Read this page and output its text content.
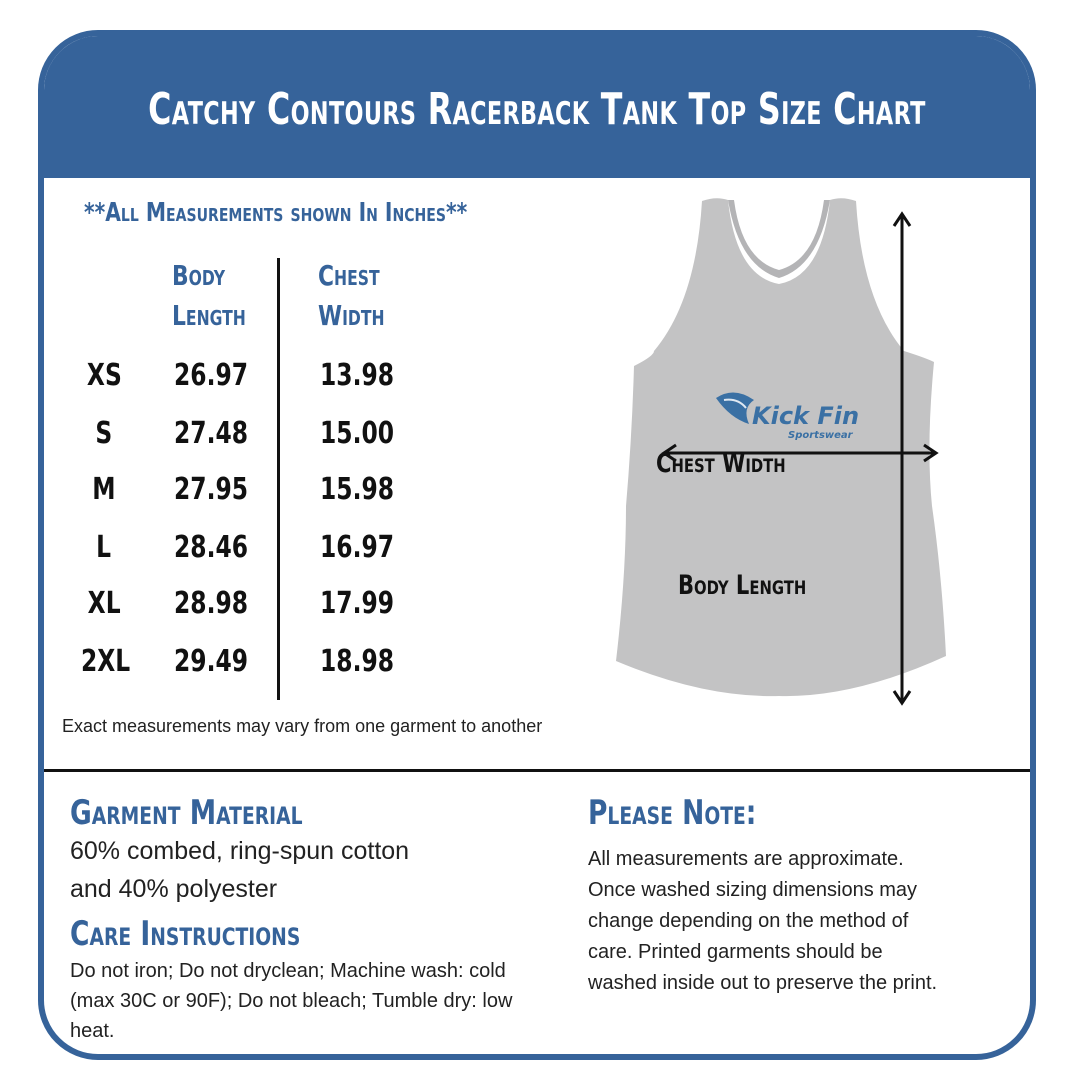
Catchy Contours Racerback Tank Top Size Chart
**All Measurements shown In Inches**
Body
Length
Chest
Width
XS	26.97	13.98
S	27.48	15.00
M	27.95	15.98
L	28.46	16.97
XL	28.98	17.99
2XL 29.49	18.98
Kick Fin
Sportswear
Chest Width
Body Length
Exact measurements may vary from one garment to another
Garment Material
60% combed, ring-spun cotton
and 40% polyester
Care Instructions
Do not iron; Do not dryclean; Machine wash: cold (max 30C or 90F); Do not bleach; Tumble dry: low heat.
Please Note:
All measurements are approximate.
Once washed sizing dimensions may
change depending on the method of
care. Printed garments should be
washed inside out to preserve the print.
